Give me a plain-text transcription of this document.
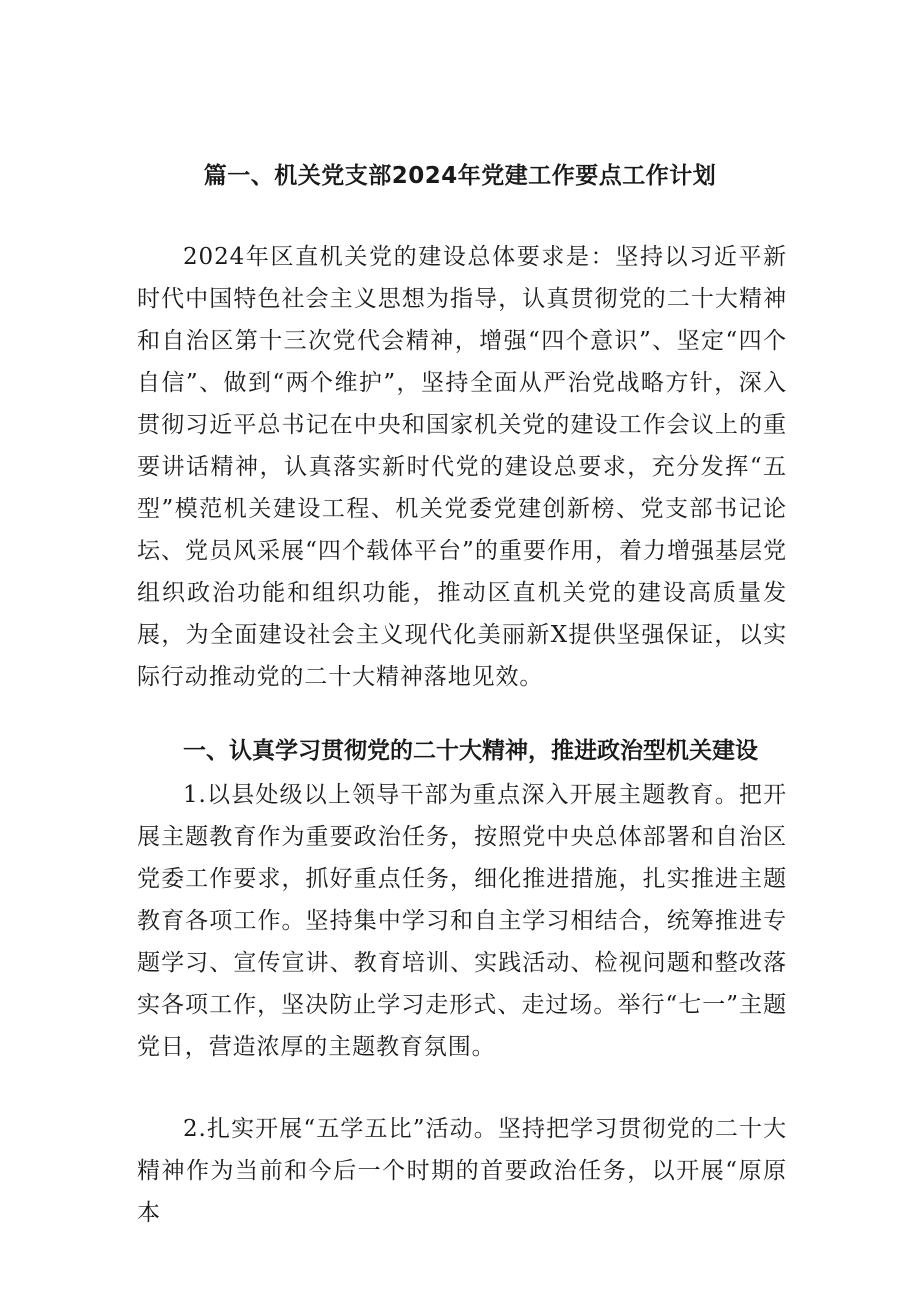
篇一、机关党支部2024年党建工作要点工作计划

2024年区直机关党的建设总体要求是：坚持以习近平新时代中国特色社会主义思想为指导，认真贯彻党的二十大精神和自治区第十三次党代会精神，增强“四个意识”、坚定“四个自信”、做到“两个维护”，坚持全面从严治党战略方针，深入贯彻习近平总书记在中央和国家机关党的建设工作会议上的重要讲话精神，认真落实新时代党的建设总要求，充分发挥“五型”模范机关建设工程、机关党委党建创新榜、党支部书记论坛、党员风采展“四个载体平台”的重要作用，着力增强基层党组织政治功能和组织功能，推动区直机关党的建设高质量发展，为全面建设社会主义现代化美丽新X提供坚强保证，以实际行动推动党的二十大精神落地见效。

一、认真学习贯彻党的二十大精神，推进政治型机关建设

1.以县处级以上领导干部为重点深入开展主题教育。把开展主题教育作为重要政治任务，按照党中央总体部署和自治区党委工作要求，抓好重点任务，细化推进措施，扎实推进主题教育各项工作。坚持集中学习和自主学习相结合，统筹推进专题学习、宣传宣讲、教育培训、实践活动、检视问题和整改落实各项工作，坚决防止学习走形式、走过场。举行“七一”主题党日，营造浓厚的主题教育氛围。

2.扎实开展“五学五比”活动。坚持把学习贯彻党的二十大精神作为当前和今后一个时期的首要政治任务，以开展“原原本
